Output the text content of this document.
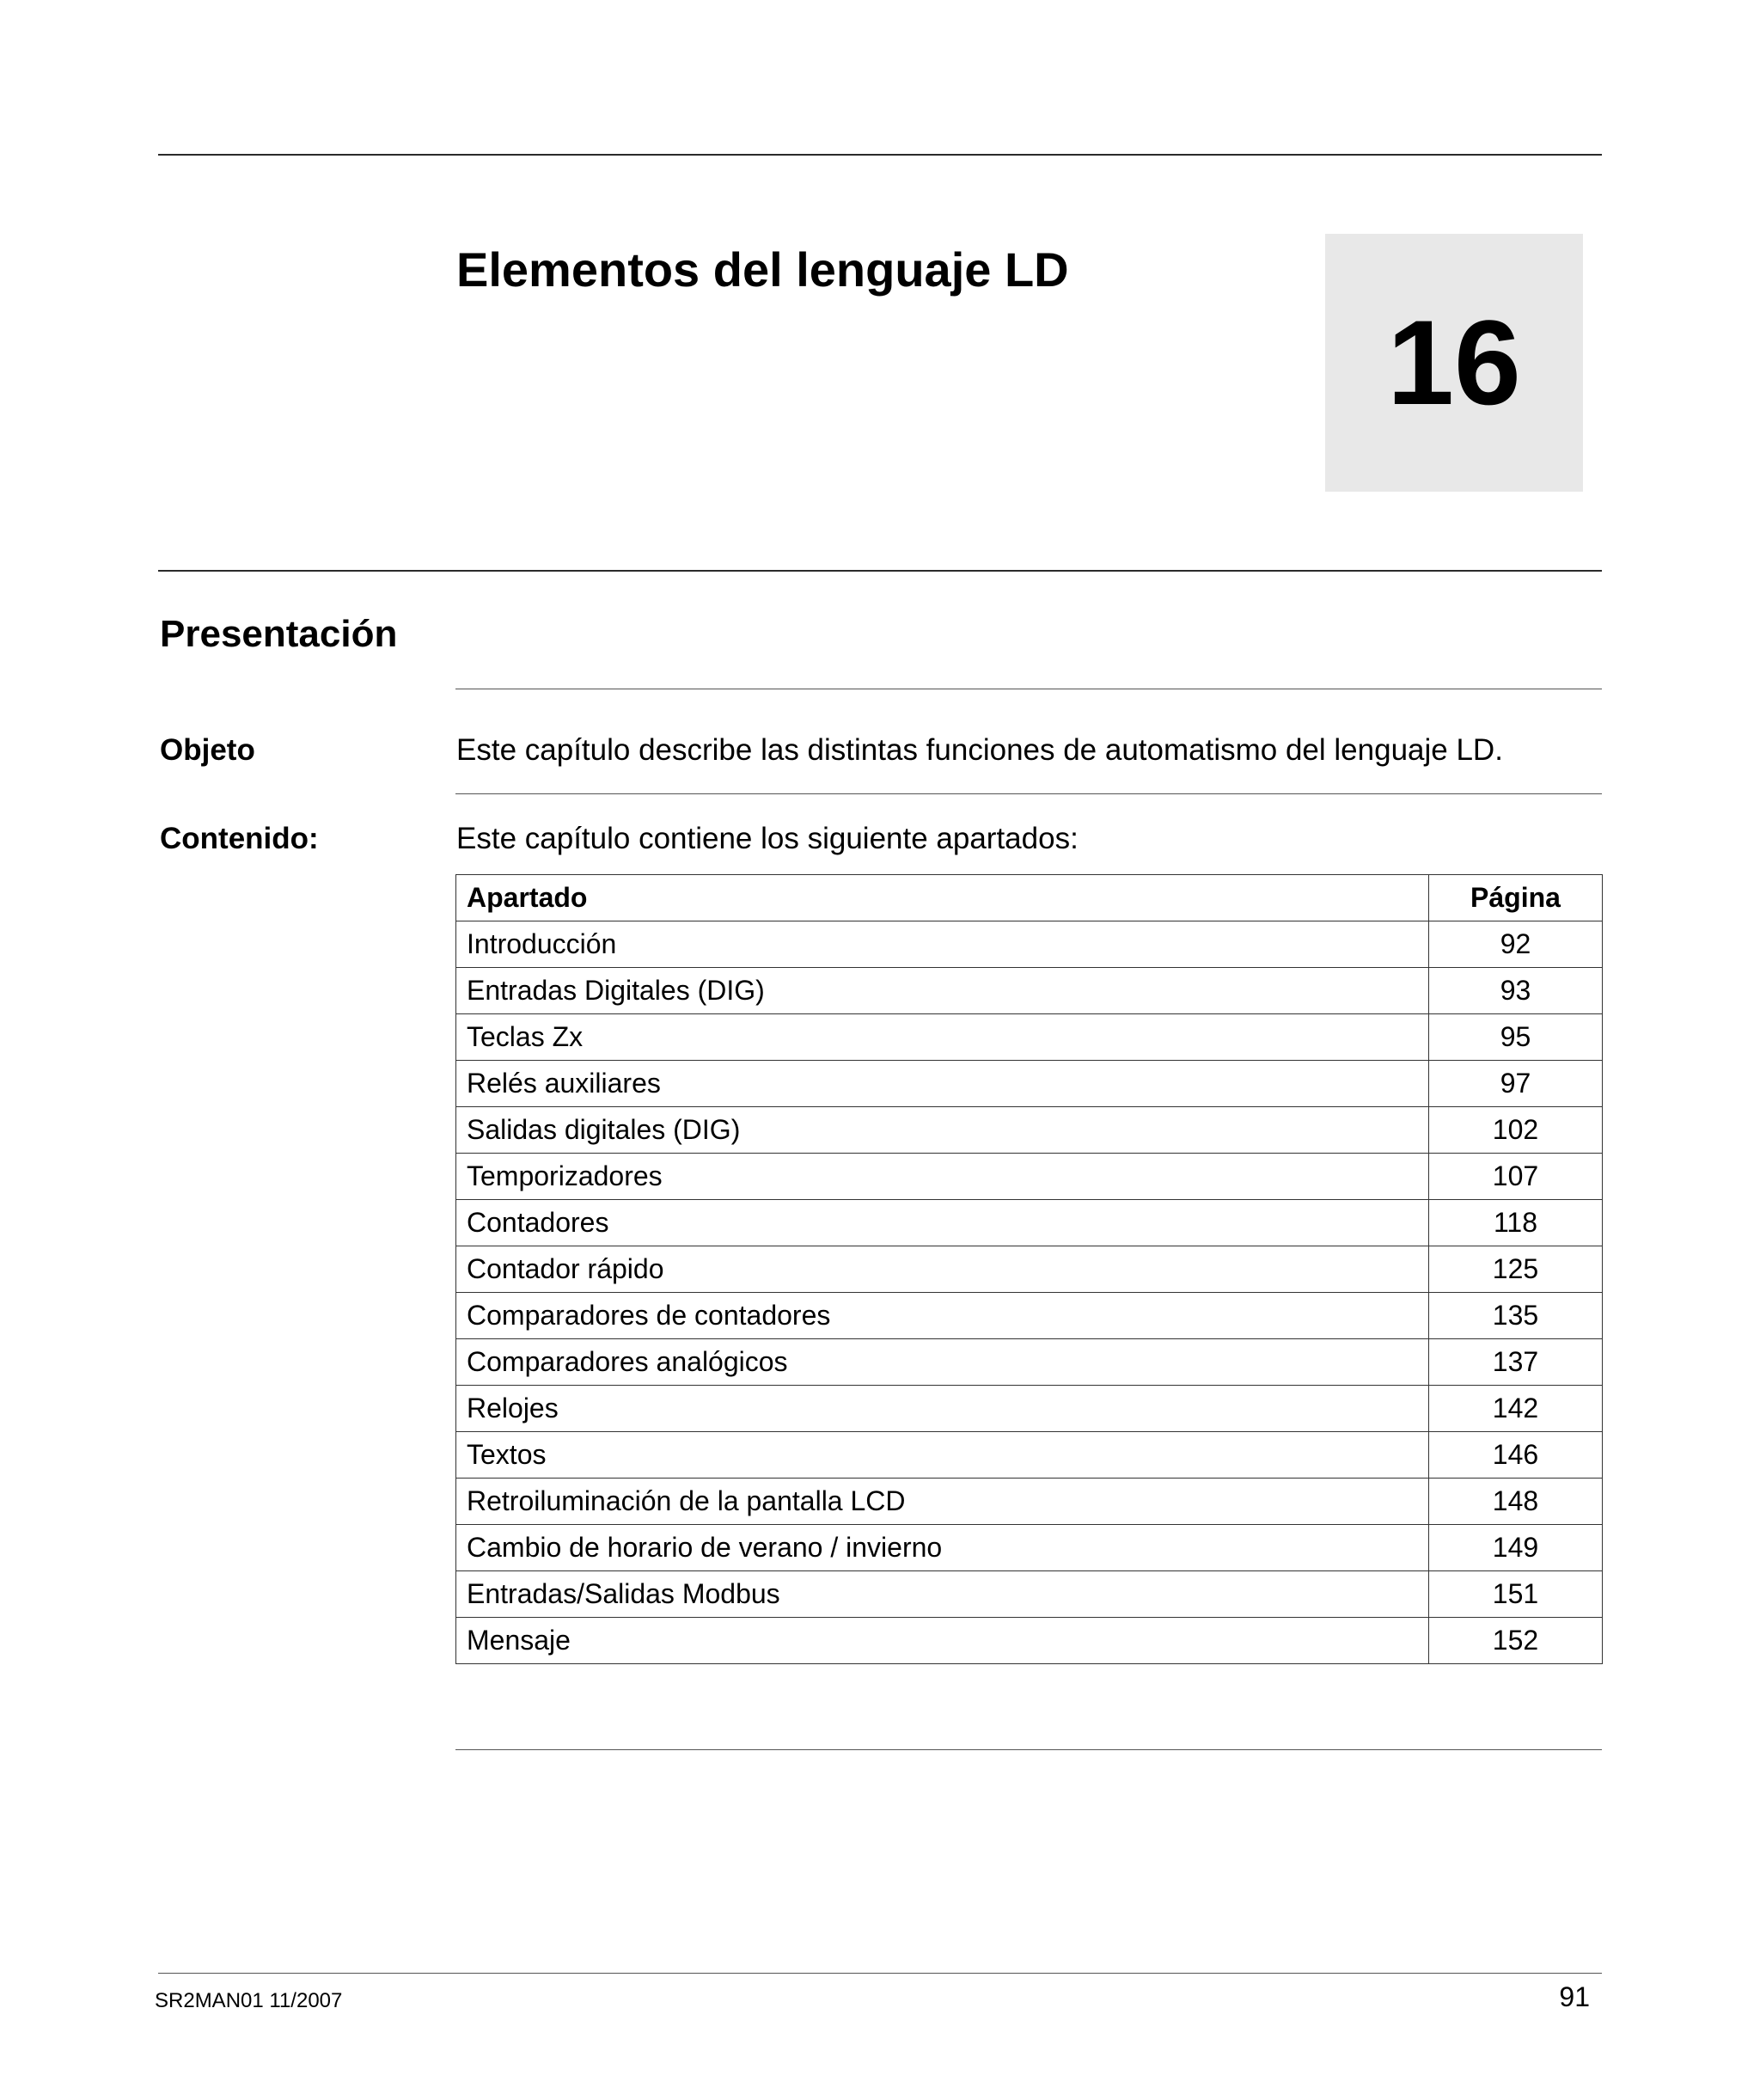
Elementos del lenguaje LD
16
Presentación
Objeto	Este capítulo describe las distintas funciones de automatismo del lenguaje LD.
Contenido:	Este capítulo contiene los siguiente apartados:
Apartado	Página
Introducción	92
Entradas Digitales (DIG)	93
Teclas Zx	95
Relés auxiliares	97
Salidas digitales (DIG)	102
Temporizadores	107
Contadores	118
Contador rápido	125
Comparadores de contadores	135
Comparadores analógicos	137
Relojes	142
Textos	146
Retroiluminación de la pantalla LCD	148
Cambio de horario de verano / invierno	149
Entradas/Salidas Modbus	151
Mensaje	152
SR2MAN01 11/2007	91
